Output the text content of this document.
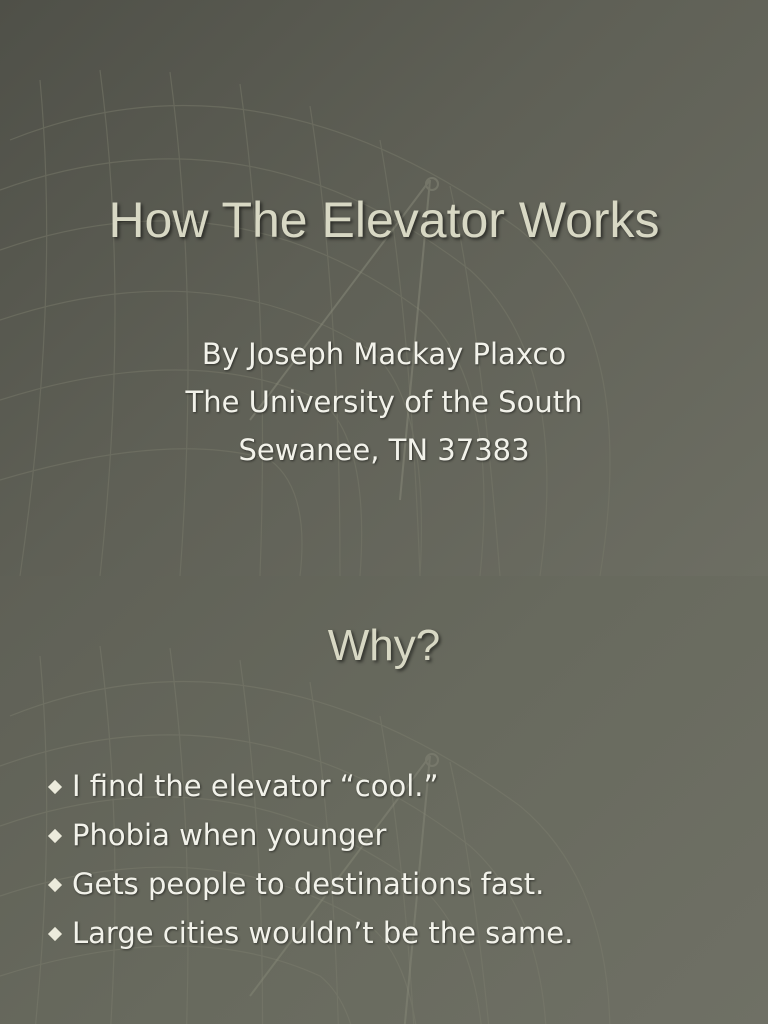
How The Elevator Works
By Joseph Mackay Plaxco
The University of the South
Sewanee, TN 37383
Why?
I find the elevator “cool.”
Phobia when younger
Gets people to destinations fast.
Large cities wouldn’t be the same.
